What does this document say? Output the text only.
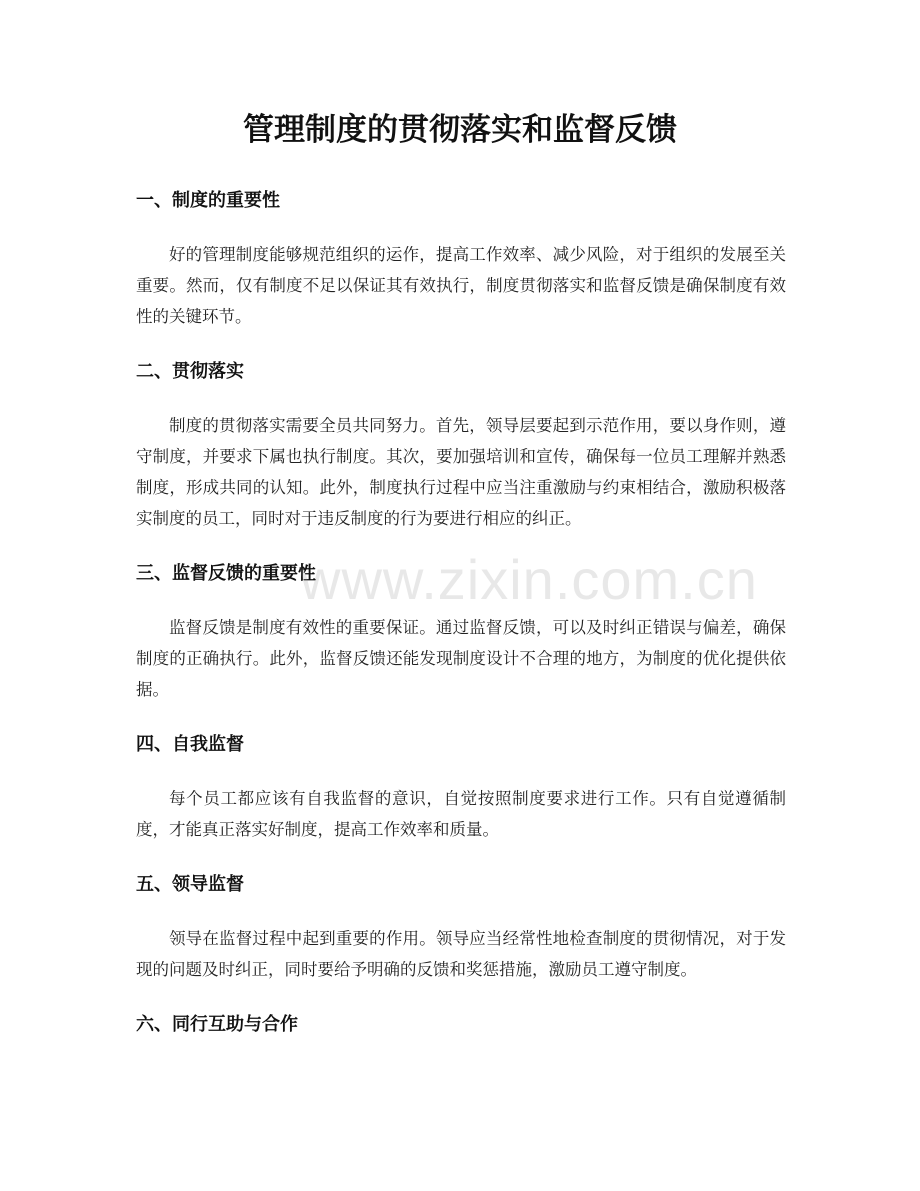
管理制度的贯彻落实和监督反馈
一、制度的重要性

好的管理制度能够规范组织的运作，提高工作效率、减少风险，对于组织的发展至关重要。然而，仅有制度不足以保证其有效执行，制度贯彻落实和监督反馈是确保制度有效性的关键环节。

二、贯彻落实

制度的贯彻落实需要全员共同努力。首先，领导层要起到示范作用，要以身作则，遵守制度，并要求下属也执行制度。其次，要加强培训和宣传，确保每一位员工理解并熟悉制度，形成共同的认知。此外，制度执行过程中应当注重激励与约束相结合，激励积极落实制度的员工，同时对于违反制度的行为要进行相应的纠正。

三、监督反馈的重要性

监督反馈是制度有效性的重要保证。通过监督反馈，可以及时纠正错误与偏差，确保制度的正确执行。此外，监督反馈还能发现制度设计不合理的地方，为制度的优化提供依据。

四、自我监督

每个员工都应该有自我监督的意识，自觉按照制度要求进行工作。只有自觉遵循制度，才能真正落实好制度，提高工作效率和质量。

五、领导监督

领导在监督过程中起到重要的作用。领导应当经常性地检查制度的贯彻情况，对于发现的问题及时纠正，同时要给予明确的反馈和奖惩措施，激励员工遵守制度。

六、同行互助与合作
www.zixin.com.cn
